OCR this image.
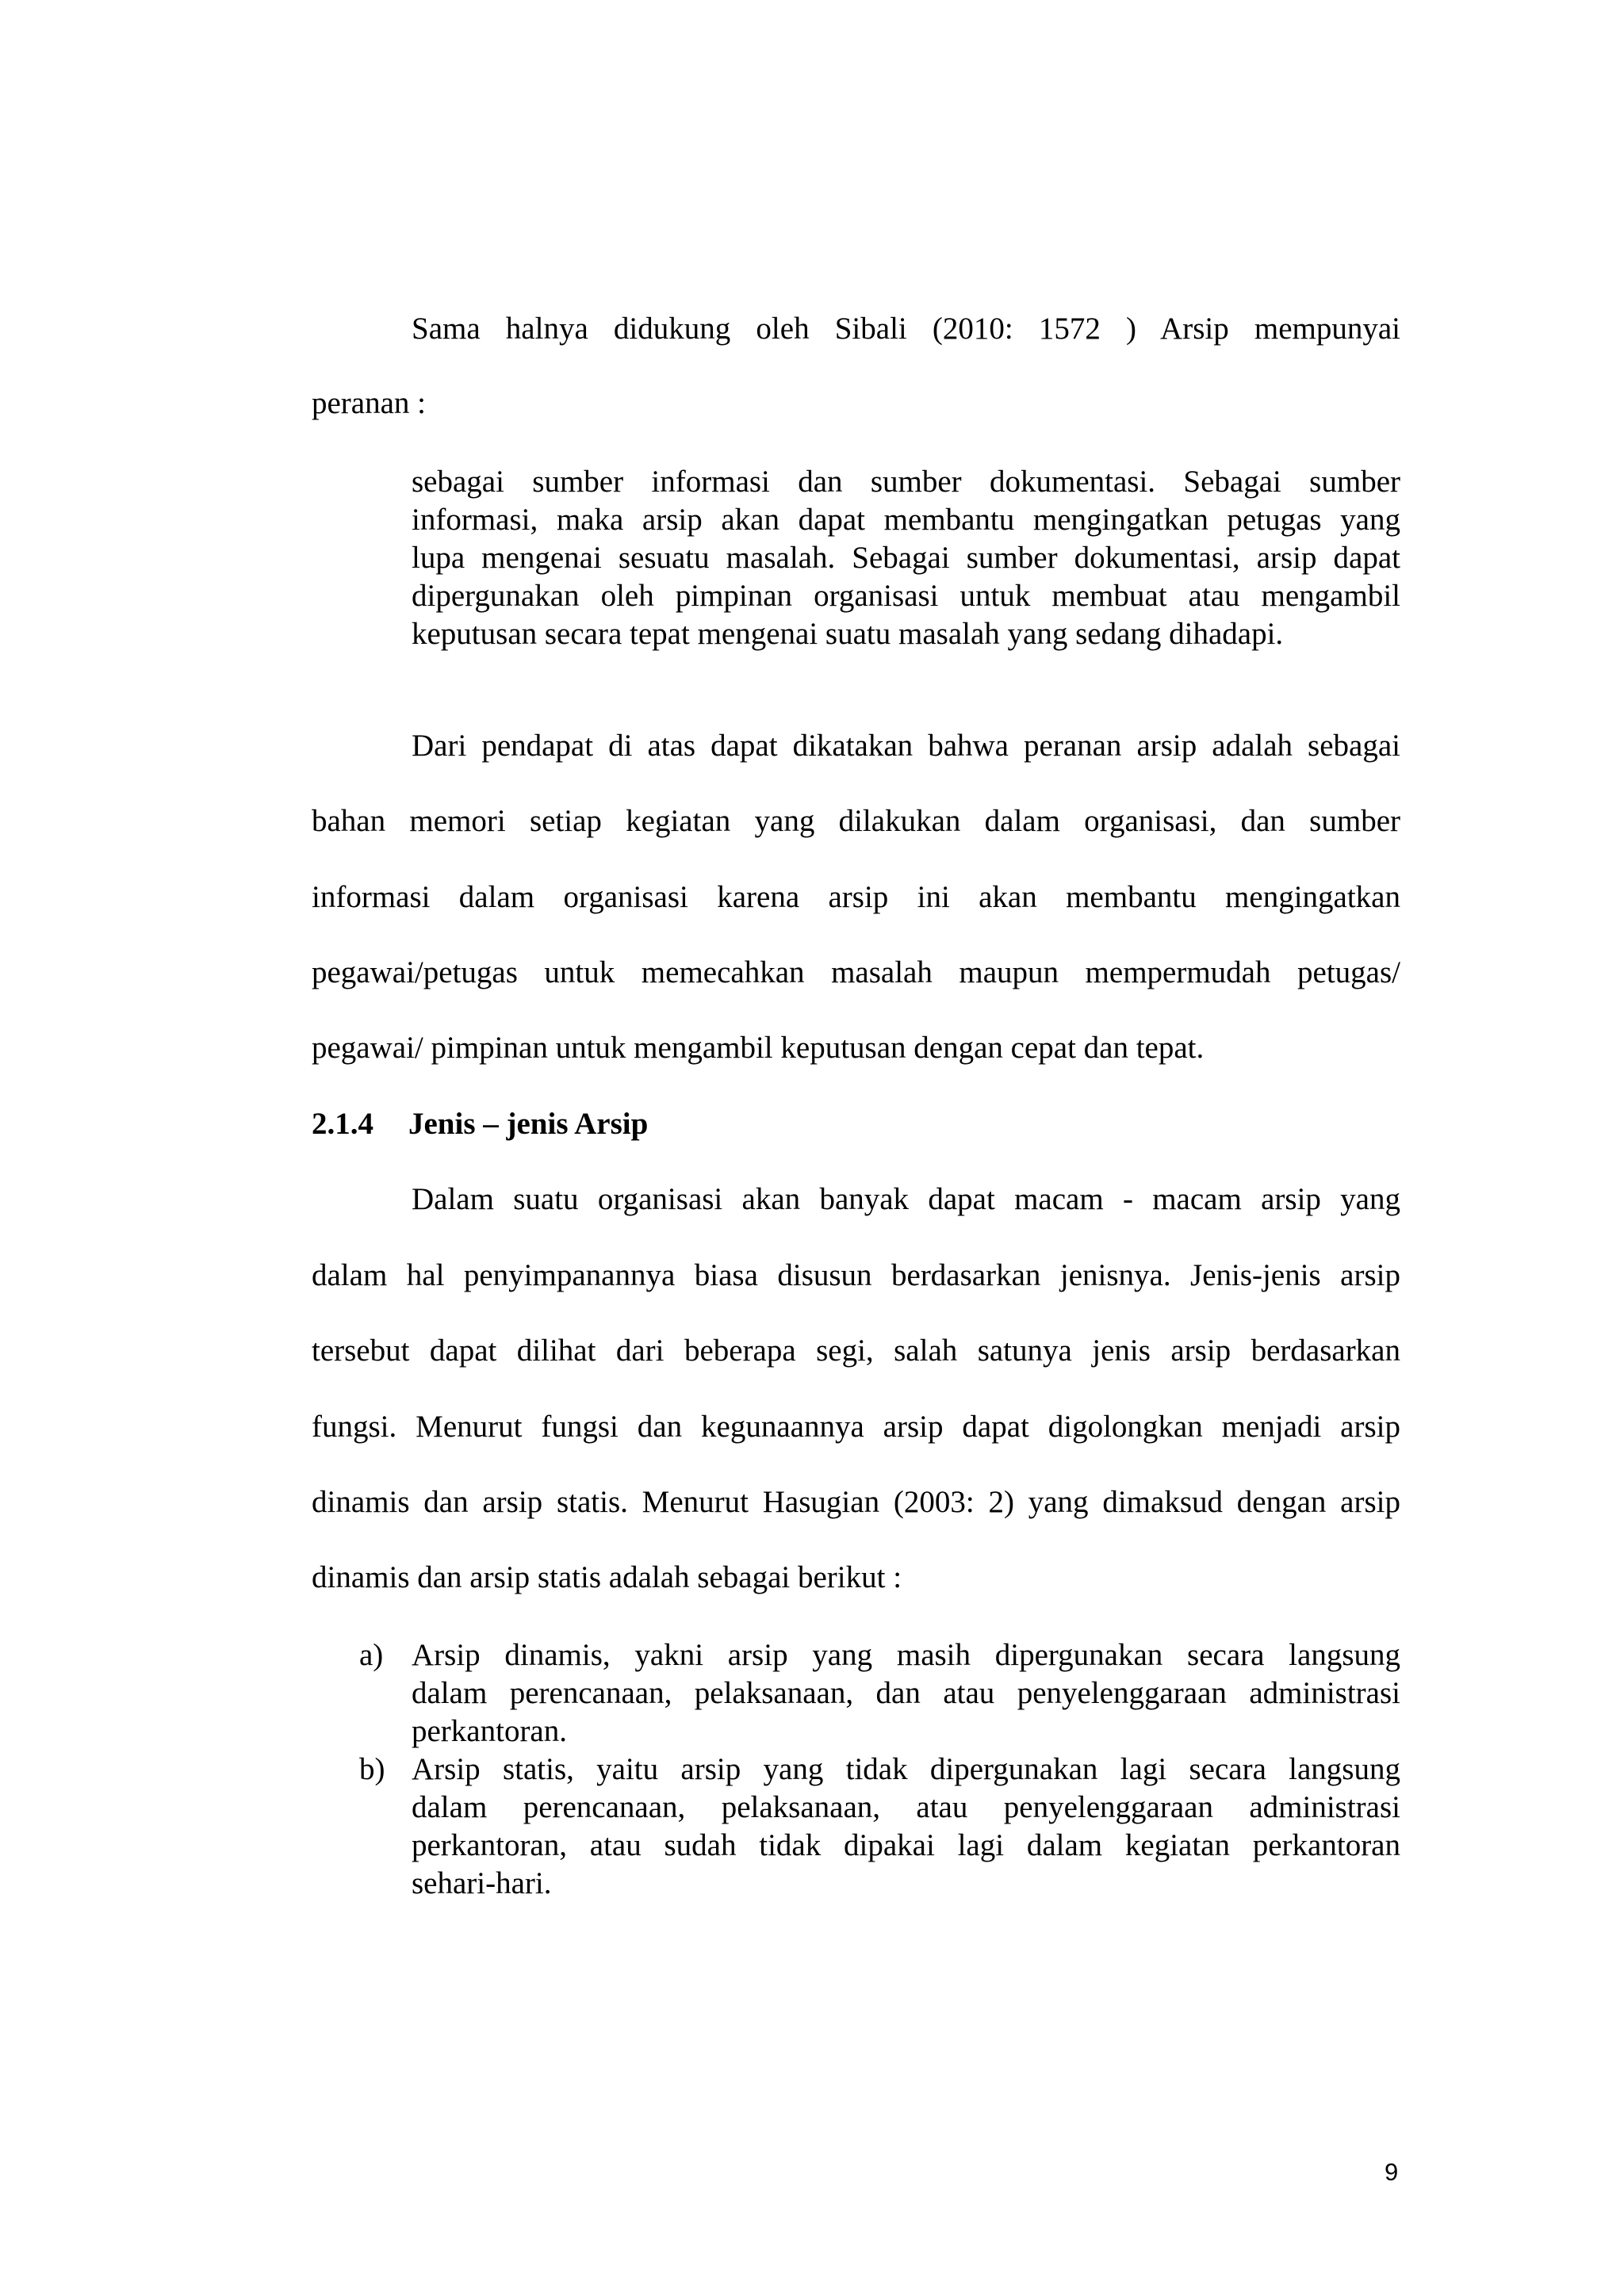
Sama halnya didukung oleh Sibali (2010: 1572 ) Arsip mempunyai

peranan :

sebagai sumber informasi dan sumber dokumentasi. Sebagai sumber

informasi, maka arsip akan dapat membantu mengingatkan petugas yang

lupa mengenai sesuatu masalah. Sebagai sumber dokumentasi, arsip dapat

dipergunakan oleh pimpinan organisasi untuk membuat atau mengambil

keputusan secara tepat mengenai suatu masalah yang sedang dihadapi.

Dari pendapat di atas dapat dikatakan bahwa peranan arsip adalah sebagai

bahan memori setiap kegiatan yang dilakukan dalam organisasi, dan sumber

informasi dalam organisasi karena arsip ini akan membantu mengingatkan

pegawai/petugas untuk memecahkan masalah maupun mempermudah petugas/

pegawai/ pimpinan untuk mengambil keputusan dengan cepat dan tepat.

2.1.4 Jenis – jenis Arsip

Dalam suatu organisasi akan banyak dapat macam - macam arsip yang

dalam hal penyimpanannya biasa disusun berdasarkan jenisnya. Jenis-jenis arsip

tersebut dapat dilihat dari beberapa segi, salah satunya jenis arsip berdasarkan

fungsi. Menurut fungsi dan kegunaannya arsip dapat digolongkan menjadi arsip

dinamis dan arsip statis. Menurut Hasugian (2003: 2) yang dimaksud dengan arsip

dinamis dan arsip statis adalah sebagai berikut :

a) Arsip dinamis, yakni arsip yang masih dipergunakan secara langsung

dalam perencanaan, pelaksanaan, dan atau penyelenggaraan administrasi

perkantoran.

b) Arsip statis, yaitu arsip yang tidak dipergunakan lagi secara langsung

dalam perencanaan, pelaksanaan, atau penyelenggaraan administrasi

perkantoran, atau sudah tidak dipakai lagi dalam kegiatan perkantoran

sehari-hari.

9
